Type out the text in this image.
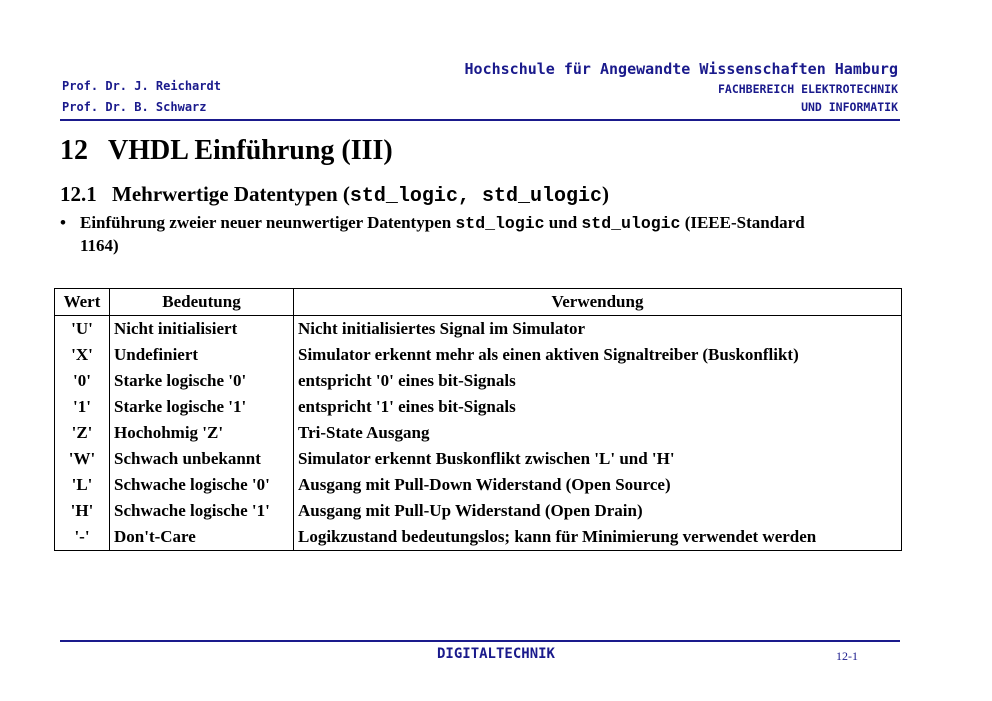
Prof. Dr. J. Reichardt
Prof. Dr. B. Schwarz
Hochschule für Angewandte Wissenschaften Hamburg
FACHBEREICH ELEKTROTECHNIK
UND INFORMATIK
12 VHDL Einführung (III)
12.1 Mehrwertige Datentypen (std_logic, std_ulogic)
• Einführung zweier neuer neunwertiger Datentypen std_logic und std_ulogic (IEEE-Standard
1164)
Wert	Bedeutung	Verwendung
'U'	Nicht initialisiert	Nicht initialisiertes Signal im Simulator
'X'	Undefiniert	Simulator erkennt mehr als einen aktiven Signaltreiber (Buskonflikt)
'0'	Starke logische '0'	entspricht '0' eines bit-Signals
'1'	Starke logische '1'	entspricht '1' eines bit-Signals
'Z'	Hochohmig 'Z'	Tri-State Ausgang
'W'	Schwach unbekannt	Simulator erkennt Buskonflikt zwischen 'L' und 'H'
'L'	Schwache logische '0'	Ausgang mit Pull-Down Widerstand (Open Source)
'H'	Schwache logische '1'	Ausgang mit Pull-Up Widerstand (Open Drain)
'-'	Don't-Care	Logikzustand bedeutungslos; kann für Minimierung verwendet werden
DIGITALTECHNIK	12-1
